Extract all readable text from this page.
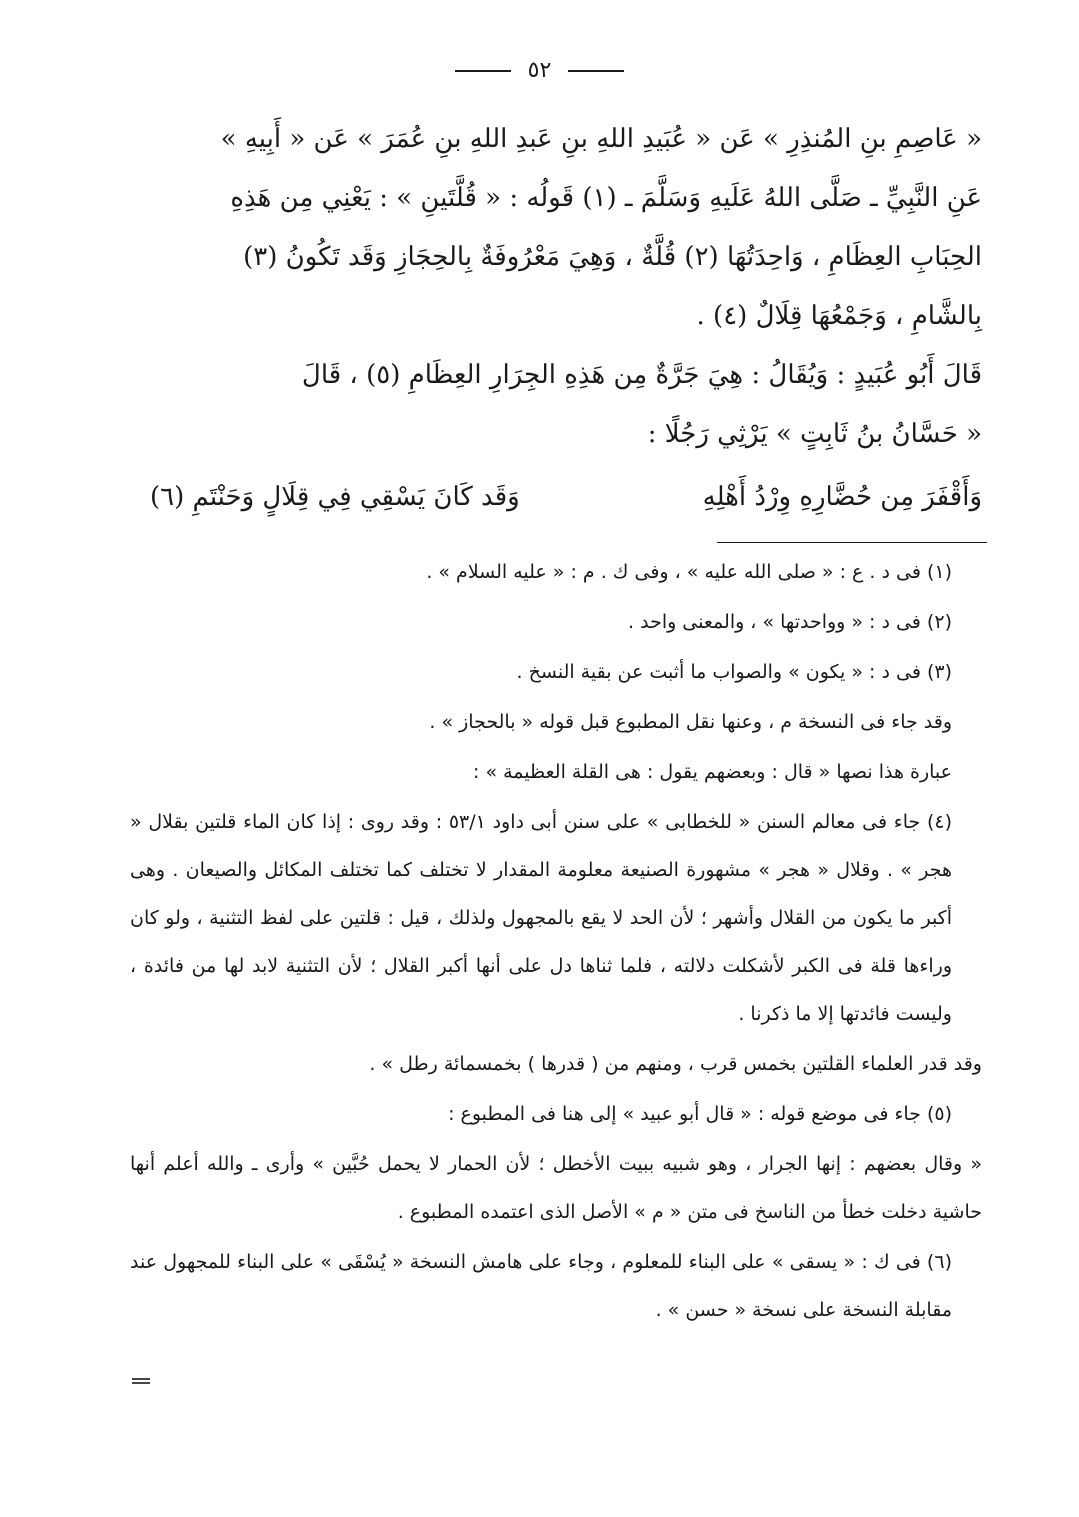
٥٢

« عَاصِمِ بنِ المُنذِرِ » عَن « عُبَيدِ اللهِ بنِ عَبدِ اللهِ بنِ عُمَرَ » عَن « أَبِيهِ »

عَنِ النَّبِيِّ ـ صَلَّى اللهُ عَلَيهِ وَسَلَّمَ ـ (١) قَولُه : « قُلَّتَينِ » : يَعْنِي مِن هَذِهِ

الحِبَابِ العِظَامِ ، وَاحِدَتُهَا (٢) قُلَّةٌ ، وَهِيَ مَعْرُوفَةٌ بِالحِجَازِ وَقَد تَكُونُ (٣)

بِالشَّامِ ، وَجَمْعُهَا قِلَالٌ (٤) .

قَالَ أَبُو عُبَيدٍ : وَيُقَالُ : هِيَ جَرَّةٌ مِن هَذِهِ الجِرَارِ العِظَامِ (٥) ، قَالَ

« حَسَّانُ بنُ ثَابِتٍ » يَرْثِي رَجُلًا :

وَأَقْفَرَ مِن حُضَّارِهِ وِرْدُ أَهْلِهِ
وَقَد كَانَ يَسْقِي فِي قِلَالٍ وَحَنْتَمِ (٦)

(١) فى د . ع : « صلى الله عليه » ، وفى ك . م : « عليه السلام » .

(٢) فى د : « وواحدتها » ، والمعنى واحد .

(٣) فى د : « يكون » والصواب ما أثبت عن بقية النسخ .

وقد جاء فى النسخة م ، وعنها نقل المطبوع قبل قوله « بالحجاز » .

عبارة هذا نصها « قال : وبعضهم يقول : هى القلة العظيمة » :

(٤) جاء فى معالم السنن « للخطابى » على سنن أبى داود ٥٣/١ : وقد روى : إذا كان الماء قلتين بقلال « هجر » . وقلال « هجر » مشهورة الصنيعة معلومة المقدار لا تختلف كما تختلف المكائل والصيعان . وهى أكبر ما يكون من القلال وأشهر ؛ لأن الحد لا يقع بالمجهول ولذلك ، قيل : قلتين على لفظ التثنية ، ولو كان وراءها قلة فى الكبر لأشكلت دلالته ، فلما ثناها دل على أنها أكبر القلال ؛ لأن التثنية لابد لها من فائدة ، وليست فائدتها إلا ما ذكرنا .

وقد قدر العلماء القلتين بخمس قرب ، ومنهم من ( قدرها ) بخمسمائة رطل » .

(٥) جاء فى موضع قوله : « قال أبو عبيد » إلى هنا فى المطبوع :

« وقال بعضهم : إنها الجرار ، وهو شبيه ببيت الأخطل ؛ لأن الحمار لا يحمل حُبَّين » وأرى ـ والله أعلم أنها حاشية دخلت خطأ من الناسخ فى متن « م » الأصل الذى اعتمده المطبوع .

(٦) فى ك : « يسقى » على البناء للمعلوم ، وجاء على هامش النسخة « يُسْقَى » على البناء للمجهول عند مقابلة النسخة على نسخة « حسن » .
